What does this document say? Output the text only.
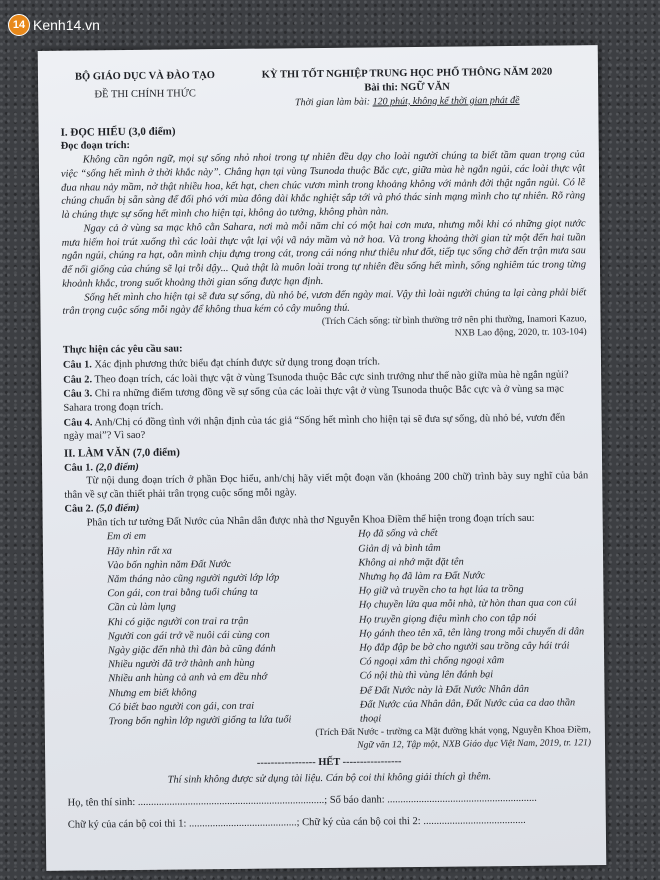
14 Kenh14.vn
BỘ GIÁO DỤC VÀ ĐÀO TẠO
ĐỀ THI CHÍNH THỨC
KỲ THI TỐT NGHIỆP TRUNG HỌC PHỔ THÔNG NĂM 2020
Bài thi: NGỮ VĂN
Thời gian làm bài: 120 phút, không kể thời gian phát đề
I. ĐỌC HIỂU (3,0 điểm)
Đọc đoạn trích:

Không cần ngôn ngữ, mọi sự sống nhỏ nhoi trong tự nhiên đều dạy cho loài người chúng ta biết tầm quan trọng của việc “sống hết mình ở thời khắc này”. Chẳng hạn tại vùng Tsunoda thuộc Bắc cực, giữa mùa hè ngắn ngủi, các loài thực vật đua nhau nảy mầm, nở thật nhiều hoa, kết hạt, chen chúc vươn mình trong khoảng không với mảnh đời thật ngắn ngủi. Có lẽ chúng chuẩn bị sẵn sàng để đối phó với mùa đông dài khắc nghiệt sắp tới và phó thác sinh mạng mình cho tự nhiên. Rõ ràng là chúng thực sự sống hết mình cho hiện tại, không ảo tưởng, không phàn nàn.

Ngay cả ở vùng sa mạc khô cằn Sahara, nơi mà mỗi năm chỉ có một hai cơn mưa, nhưng mỗi khi có những giọt nước mưa hiếm hoi trút xuống thì các loài thực vật lại vội vã nảy mầm và nở hoa. Và trong khoảng thời gian từ một đến hai tuần ngắn ngủi, chúng ra hạt, oằn mình chịu đựng trong cát, trong cái nóng như thiêu như đốt, tiếp tục sống chờ đến trận mưa sau để nối giống của chúng sẽ lại trỗi dậy... Quả thật là muôn loài trong tự nhiên đều sống hết mình, sống nghiêm túc trong từng khoảnh khắc, trong suốt khoảng thời gian sống được hạn định.

Sống hết mình cho hiện tại sẽ đưa sự sống, dù nhỏ bé, vươn đến ngày mai. Vậy thì loài người chúng ta lại càng phải biết trân trọng cuộc sống mỗi ngày để không thua kém cỏ cây muông thú.

(Trích Cách sống: từ bình thường trở nên phi thường, Inamori Kazuo,
NXB Lao động, 2020, tr. 103-104)
Thực hiện các yêu cầu sau:
Câu 1. Xác định phương thức biểu đạt chính được sử dụng trong đoạn trích.
Câu 2. Theo đoạn trích, các loài thực vật ở vùng Tsunoda thuộc Bắc cực sinh trưởng như thế nào giữa mùa hè ngắn ngủi?
Câu 3. Chỉ ra những điểm tương đồng về sự sống của các loài thực vật ở vùng Tsunoda thuộc Bắc cực và ở vùng sa mạc Sahara trong đoạn trích.
Câu 4. Anh/Chị có đồng tình với nhận định của tác giả “Sống hết mình cho hiện tại sẽ đưa sự sống, dù nhỏ bé, vươn đến ngày mai”? Vì sao?
II. LÀM VĂN (7,0 điểm)
Câu 1. (2,0 điểm)

Từ nội dung đoạn trích ở phần Đọc hiểu, anh/chị hãy viết một đoạn văn (khoảng 200 chữ) trình bày suy nghĩ của bản thân về sự cần thiết phải trân trọng cuộc sống mỗi ngày.

Câu 2. (5,0 điểm)

Phân tích tư tưởng Đất Nước của Nhân dân được nhà thơ Nguyễn Khoa Điềm thể hiện trong đoạn trích sau:

Em ơi em
Hãy nhìn rất xa
Vào bốn nghìn năm Đất Nước
Năm tháng nào cũng người người lớp lớp
Con gái, con trai bằng tuổi chúng ta
Cần cù làm lụng
Khi có giặc người con trai ra trận
Người con gái trở về nuôi cái cùng con
Ngày giặc đến nhà thì đàn bà cũng đánh
Nhiều người đã trở thành anh hùng
Nhiều anh hùng cả anh và em đều nhớ
Nhưng em biết không
Có biết bao người con gái, con trai
Trong bốn nghìn lớp người giống ta lứa tuổi
Họ đã sống và chết
Giản dị và bình tâm
Không ai nhớ mặt đặt tên
Nhưng họ đã làm ra Đất Nước
Họ giữ và truyền cho ta hạt lúa ta trồng
Họ chuyền lửa qua mỗi nhà, từ hòn than qua con cúi
Họ truyền giọng điệu mình cho con tập nói
Họ gánh theo tên xã, tên làng trong mỗi chuyến di dân
Họ đắp đập be bờ cho người sau trồng cây hái trái
Có ngoại xâm thì chống ngoại xâm
Có nội thù thì vùng lên đánh bại
Để Đất Nước này là Đất Nước Nhân dân
Đất Nước của Nhân dân, Đất Nước của ca dao thần thoại
(Trích Đất Nước - trường ca Mặt đường khát vọng, Nguyễn Khoa Điềm,
Ngữ văn 12, Tập một, NXB Giáo dục Việt Nam, 2019, tr. 121)
----------------- HẾT -----------------
Thí sinh không được sử dụng tài liệu. Cán bộ coi thi không giải thích gì thêm.
Họ, tên thí sinh: .......................................................................; Số báo danh: .........................................................
Chữ ký của cán bộ coi thi 1: .........................................; Chữ ký của cán bộ coi thi 2: .......................................
